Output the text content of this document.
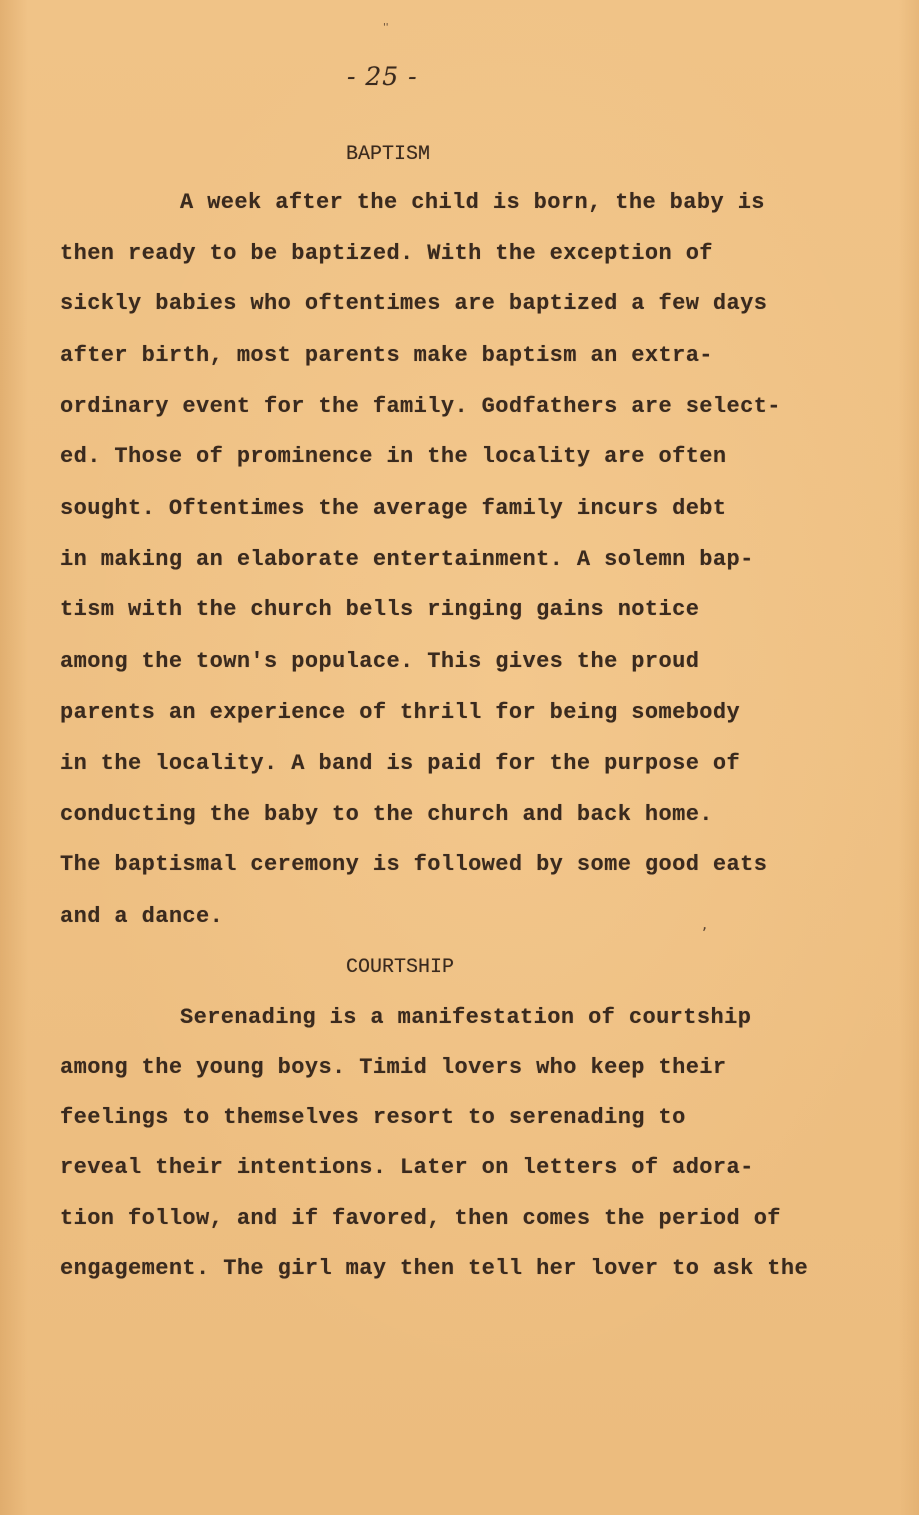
- 25 -
BAPTISM
A week after the child is born, the baby is
then ready to be baptized. With the exception of
sickly babies who oftentimes are baptized a few days
after birth, most parents make baptism an extra-
ordinary event for the family. Godfathers are select-
ed. Those of prominence in the locality are often
sought. Oftentimes the average family incurs debt
in making an elaborate entertainment. A solemn bap-
tism with the church bells ringing gains notice
among the town's populace. This gives the proud
parents an experience of thrill for being somebody
in the locality. A band is paid for the purpose of
conducting the baby to the church and back home.
The baptismal ceremony is followed by some good eats
and a dance.
COURTSHIP
Serenading is a manifestation of courtship
among the young boys. Timid lovers who keep their
feelings to themselves resort to serenading to
reveal their intentions. Later on letters of adora-
tion follow, and if favored, then comes the period of
engagement. The girl may then tell her lover to ask the
,
''
